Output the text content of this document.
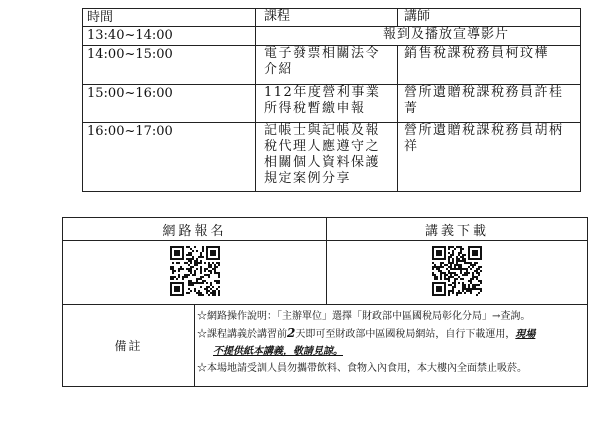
時間	課程	講師
13:40~14:00	報到及播放宣導影片	
14:00~15:00	電子發票相關法令介紹	銷售稅課稅務員柯玟樺
15:00~16:00	112年度營利事業所得稅暫繳申報	營所遺贈稅課稅務員許桂菁
16:00~17:00	記帳士與記帳及報稅代理人應遵守之相關個人資料保護規定案例分享	營所遺贈稅課稅務員胡柄祥
網路報名		講義下載

備註	☆網路操作說明：「主辦單位」選擇「財政部中區國稅局彰化分局」→查詢。
☆課程講義於講習前2天即可至財政部中區國稅局網站，自行下載運用，現場
不提供紙本講義，敬請見諒。
☆本場地請受訓人員勿攜帶飲料、食物入內食用，本大樓內全面禁止吸菸。	
